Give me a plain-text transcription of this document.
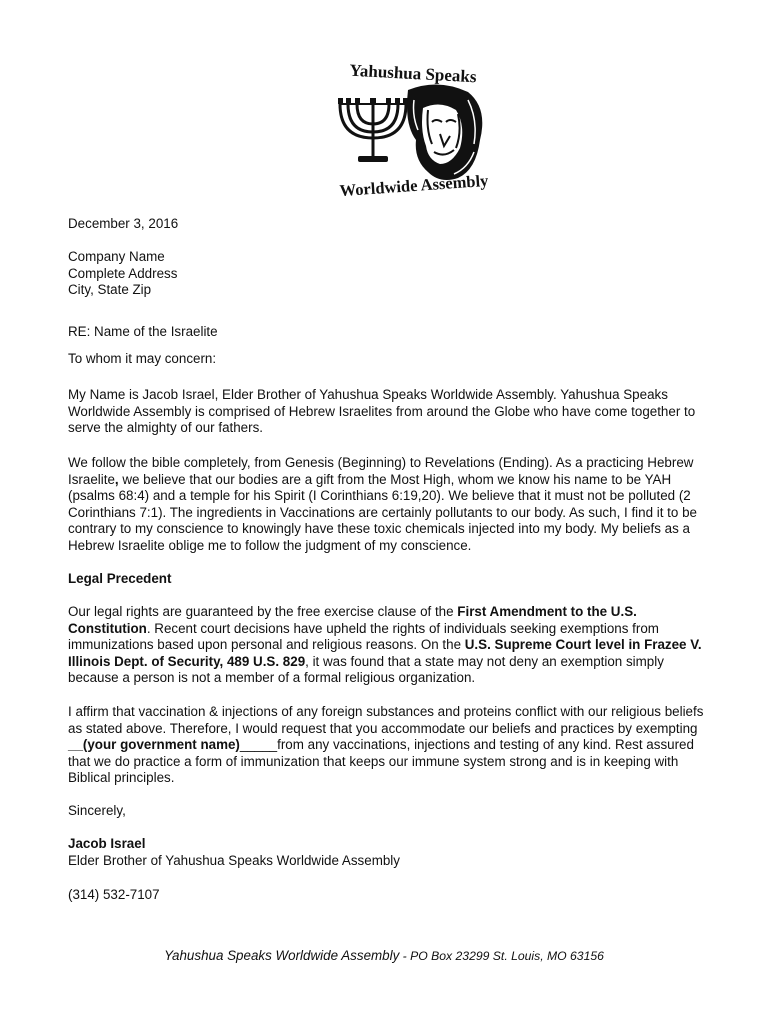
Yahushua Speaks
Worldwide Assembly
December 3, 2016

Company Name

Complete Address

City, State Zip

RE: Name of the Israelite
To whom it may concern:
My Name is Jacob Israel, Elder Brother of Yahushua Speaks Worldwide Assembly. Yahushua Speaks Worldwide Assembly is comprised of Hebrew Israelites from around the Globe who have come together to serve the almighty of our fathers.
We follow the bible completely, from Genesis (Beginning) to Revelations (Ending). As a practicing Hebrew Israelite, we believe that our bodies are a gift from the Most High, whom we know his name to be YAH (psalms 68:4) and a temple for his Spirit (I Corinthians 6:19,20). We believe that it must not be polluted (2 Corinthians 7:1). The ingredients in Vaccinations are certainly pollutants to our body. As such, I find it to be contrary to my conscience to knowingly have these toxic chemicals injected into my body. My beliefs as a Hebrew Israelite oblige me to follow the judgment of my conscience.
Legal Precedent
Our legal rights are guaranteed by the free exercise clause of the First Amendment to the U.S. Constitution. Recent court decisions have upheld the rights of individuals seeking exemptions from immunizations based upon personal and religious reasons. On the U.S. Supreme Court level in Frazee V. Illinois Dept. of Security, 489 U.S. 829, it was found that a state may not deny an exemption simply because a person is not a member of a formal religious organization.
I affirm that vaccination & injections of any foreign substances and proteins conflict with our religious beliefs as stated above. Therefore, I would request that you accommodate our beliefs and practices by exempting __(your government name)_____from any vaccinations, injections and testing of any kind. Rest assured that we do practice a form of immunization that keeps our immune system strong and is in keeping with Biblical principles.
Sincerely,

Jacob Israel

Elder Brother of Yahushua Speaks Worldwide Assembly

(314) 532-7107
Yahushua Speaks Worldwide Assembly - PO Box 23299 St. Louis, MO 63156
